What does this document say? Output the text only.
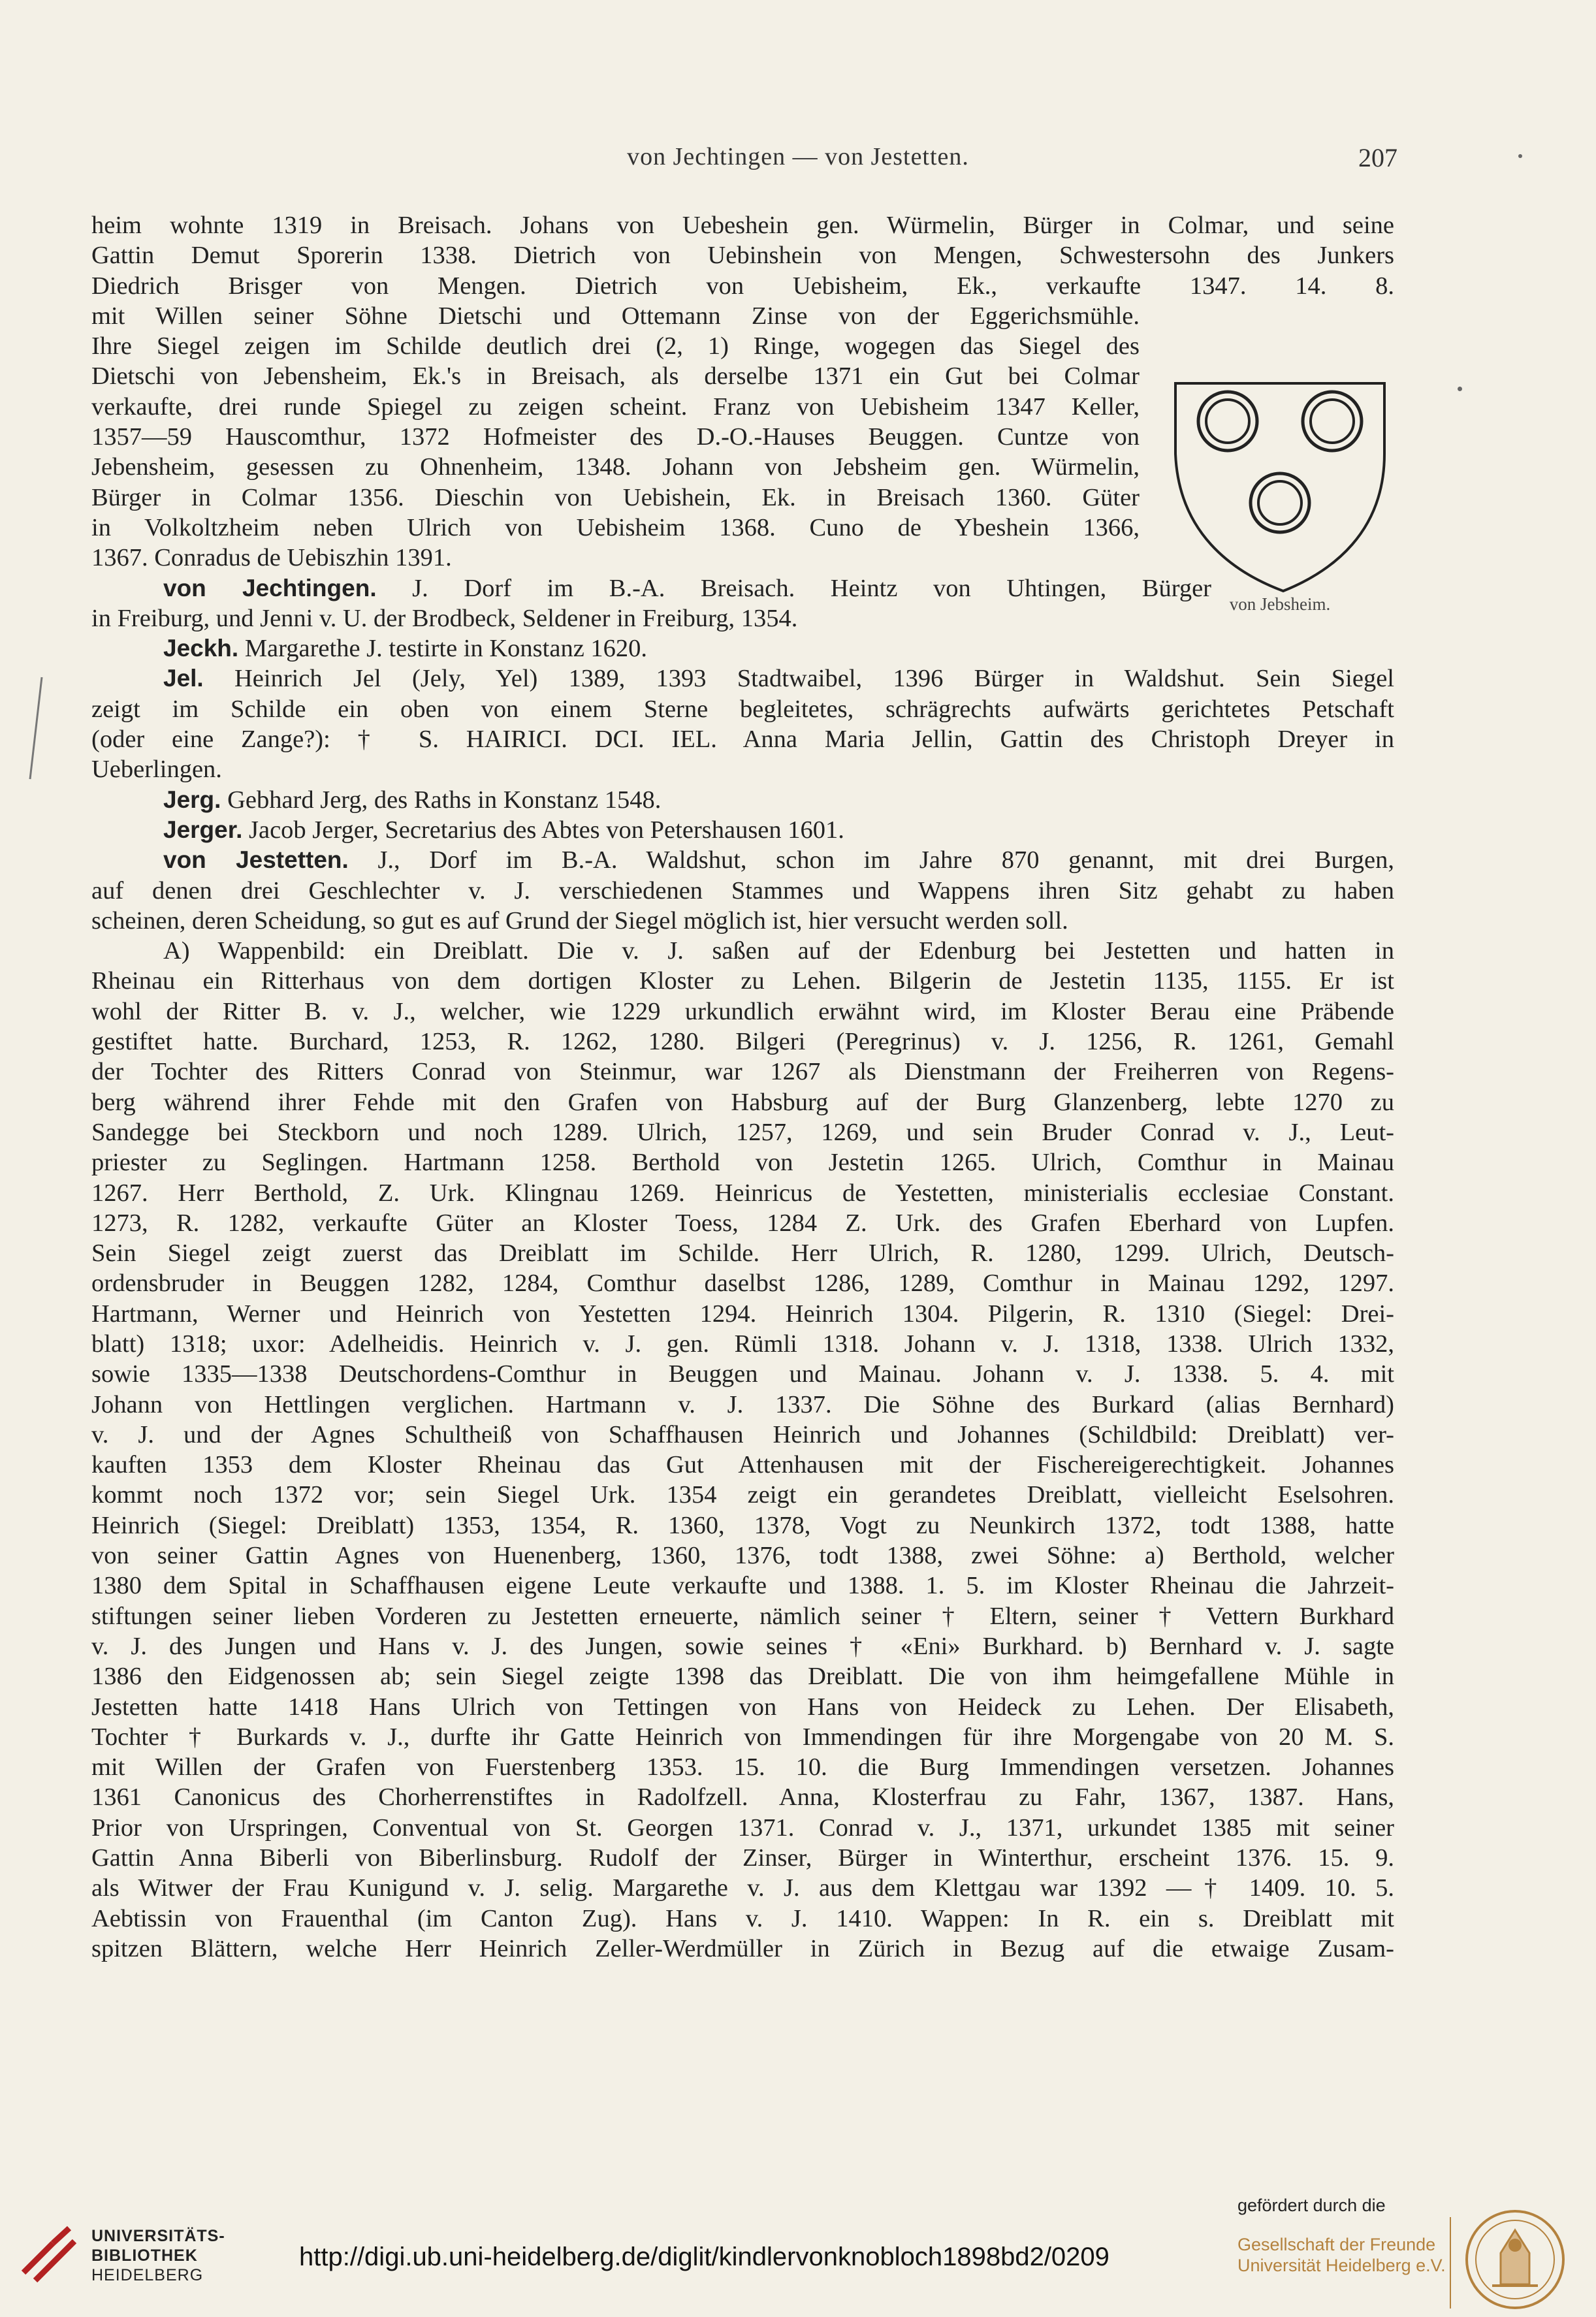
von Jechtingen — von Jestetten.	207
heim wohnte 1319 in Breisach. Johans von Uebeshein gen. Würmelin, Bürger in Colmar, und seine
Gattin Demut Sporerin 1338. Dietrich von Uebinshein von Mengen, Schwestersohn des Junkers
Diedrich Brisger von Mengen. Dietrich von Uebisheim, Ek., verkaufte 1347. 14. 8.
mit Willen seiner Söhne Dietschi und Ottemann Zinse von der Eggerichsmühle.
Ihre Siegel zeigen im Schilde deutlich drei (2, 1) Ringe, wogegen das Siegel des
Dietschi von Jebensheim, Ek.'s in Breisach, als derselbe 1371 ein Gut bei Colmar
verkaufte, drei runde Spiegel zu zeigen scheint. Franz von Uebisheim 1347 Keller,
1357—59 Hauscomthur, 1372 Hofmeister des D.-O.-Hauses Beuggen. Cuntze von
Jebensheim, gesessen zu Ohnenheim, 1348. Johann von Jebsheim gen. Würmelin,
Bürger in Colmar 1356. Dieschin von Uebishein, Ek. in Breisach 1360. Güter
in Volkoltzheim neben Ulrich von Uebisheim 1368. Cuno de Ybeshein 1366,
1367. Conradus de Uebiszhin 1391.
von Jechtingen. J. Dorf im B.-A. Breisach. Heintz von Uhtingen, Bürger
in Freiburg, und Jenni v. U. der Brodbeck, Seldener in Freiburg, 1354.
Jeckh. Margarethe J. testirte in Konstanz 1620.
Jel. Heinrich Jel (Jely, Yel) 1389, 1393 Stadtwaibel, 1396 Bürger in Waldshut. Sein Siegel
zeigt im Schilde ein oben von einem Sterne begleitetes, schrägrechts aufwärts gerichtetes Petschaft
(oder eine Zange?): † S. HAIRICI. DCI. IEL. Anna Maria Jellin, Gattin des Christoph Dreyer in
Ueberlingen.
Jerg. Gebhard Jerg, des Raths in Konstanz 1548.
Jerger. Jacob Jerger, Secretarius des Abtes von Petershausen 1601.
von Jestetten. J., Dorf im B.-A. Waldshut, schon im Jahre 870 genannt, mit drei Burgen,
auf denen drei Geschlechter v. J. verschiedenen Stammes und Wappens ihren Sitz gehabt zu haben
scheinen, deren Scheidung, so gut es auf Grund der Siegel möglich ist, hier versucht werden soll.
A) Wappenbild: ein Dreiblatt. Die v. J. saßen auf der Edenburg bei Jestetten und hatten in
Rheinau ein Ritterhaus von dem dortigen Kloster zu Lehen. Bilgerin de Jestetin 1135, 1155. Er ist
wohl der Ritter B. v. J., welcher, wie 1229 urkundlich erwähnt wird, im Kloster Berau eine Präbende
gestiftet hatte. Burchard, 1253, R. 1262, 1280. Bilgeri (Peregrinus) v. J. 1256, R. 1261, Gemahl
der Tochter des Ritters Conrad von Steinmur, war 1267 als Dienstmann der Freiherren von Regens-
berg während ihrer Fehde mit den Grafen von Habsburg auf der Burg Glanzenberg, lebte 1270 zu
Sandegge bei Steckborn und noch 1289. Ulrich, 1257, 1269, und sein Bruder Conrad v. J., Leut-
priester zu Seglingen. Hartmann 1258. Berthold von Jestetin 1265. Ulrich, Comthur in Mainau
1267. Herr Berthold, Z. Urk. Klingnau 1269. Heinricus de Yestetten, ministerialis ecclesiae Constant.
1273, R. 1282, verkaufte Güter an Kloster Toess, 1284 Z. Urk. des Grafen Eberhard von Lupfen.
Sein Siegel zeigt zuerst das Dreiblatt im Schilde. Herr Ulrich, R. 1280, 1299. Ulrich, Deutsch-
ordensbruder in Beuggen 1282, 1284, Comthur daselbst 1286, 1289, Comthur in Mainau 1292, 1297.
Hartmann, Werner und Heinrich von Yestetten 1294. Heinrich 1304. Pilgerin, R. 1310 (Siegel: Drei-
blatt) 1318; uxor: Adelheidis. Heinrich v. J. gen. Rümli 1318. Johann v. J. 1318, 1338. Ulrich 1332,
sowie 1335—1338 Deutschordens-Comthur in Beuggen und Mainau. Johann v. J. 1338. 5. 4. mit
Johann von Hettlingen verglichen. Hartmann v. J. 1337. Die Söhne des Burkard (alias Bernhard)
v. J. und der Agnes Schultheiß von Schaffhausen Heinrich und Johannes (Schildbild: Dreiblatt) ver-
kauften 1353 dem Kloster Rheinau das Gut Attenhausen mit der Fischereigerechtigkeit. Johannes
kommt noch 1372 vor; sein Siegel Urk. 1354 zeigt ein gerandetes Dreiblatt, vielleicht Eselsohren.
Heinrich (Siegel: Dreiblatt) 1353, 1354, R. 1360, 1378, Vogt zu Neunkirch 1372, todt 1388, hatte
von seiner Gattin Agnes von Huenenberg, 1360, 1376, todt 1388, zwei Söhne: a) Berthold, welcher
1380 dem Spital in Schaffhausen eigene Leute verkaufte und 1388. 1. 5. im Kloster Rheinau die Jahrzeit-
stiftungen seiner lieben Vorderen zu Jestetten erneuerte, nämlich seiner † Eltern, seiner † Vettern Burkhard
v. J. des Jungen und Hans v. J. des Jungen, sowie seines † «Eni» Burkhard. b) Bernhard v. J. sagte
1386 den Eidgenossen ab; sein Siegel zeigte 1398 das Dreiblatt. Die von ihm heimgefallene Mühle in
Jestetten hatte 1418 Hans Ulrich von Tettingen von Hans von Heideck zu Lehen. Der Elisabeth,
Tochter † Burkards v. J., durfte ihr Gatte Heinrich von Immendingen für ihre Morgengabe von 20 M. S.
mit Willen der Grafen von Fuerstenberg 1353. 15. 10. die Burg Immendingen versetzen. Johannes
1361 Canonicus des Chorherrenstiftes in Radolfzell. Anna, Klosterfrau zu Fahr, 1367, 1387. Hans,
Prior von Urspringen, Conventual von St. Georgen 1371. Conrad v. J., 1371, urkundet 1385 mit seiner
Gattin Anna Biberli von Biberlinsburg. Rudolf der Zinser, Bürger in Winterthur, erscheint 1376. 15. 9.
als Witwer der Frau Kunigund v. J. selig. Margarethe v. J. aus dem Klettgau war 1392 —† 1409. 10. 5.
Aebtissin von Frauenthal (im Canton Zug). Hans v. J. 1410. Wappen: In R. ein s. Dreiblatt mit
spitzen Blättern, welche Herr Heinrich Zeller-Werdmüller in Zürich in Bezug auf die etwaige Zusam-
von Jebsheim.
UNIVERSITÄTS-
BIBLIOTHEK
HEIDELBERG
http://digi.ub.uni-heidelberg.de/diglit/kindlervonknobloch1898bd2/0209
gefördert durch die
Gesellschaft der Freunde
Universität Heidelberg e.V.
